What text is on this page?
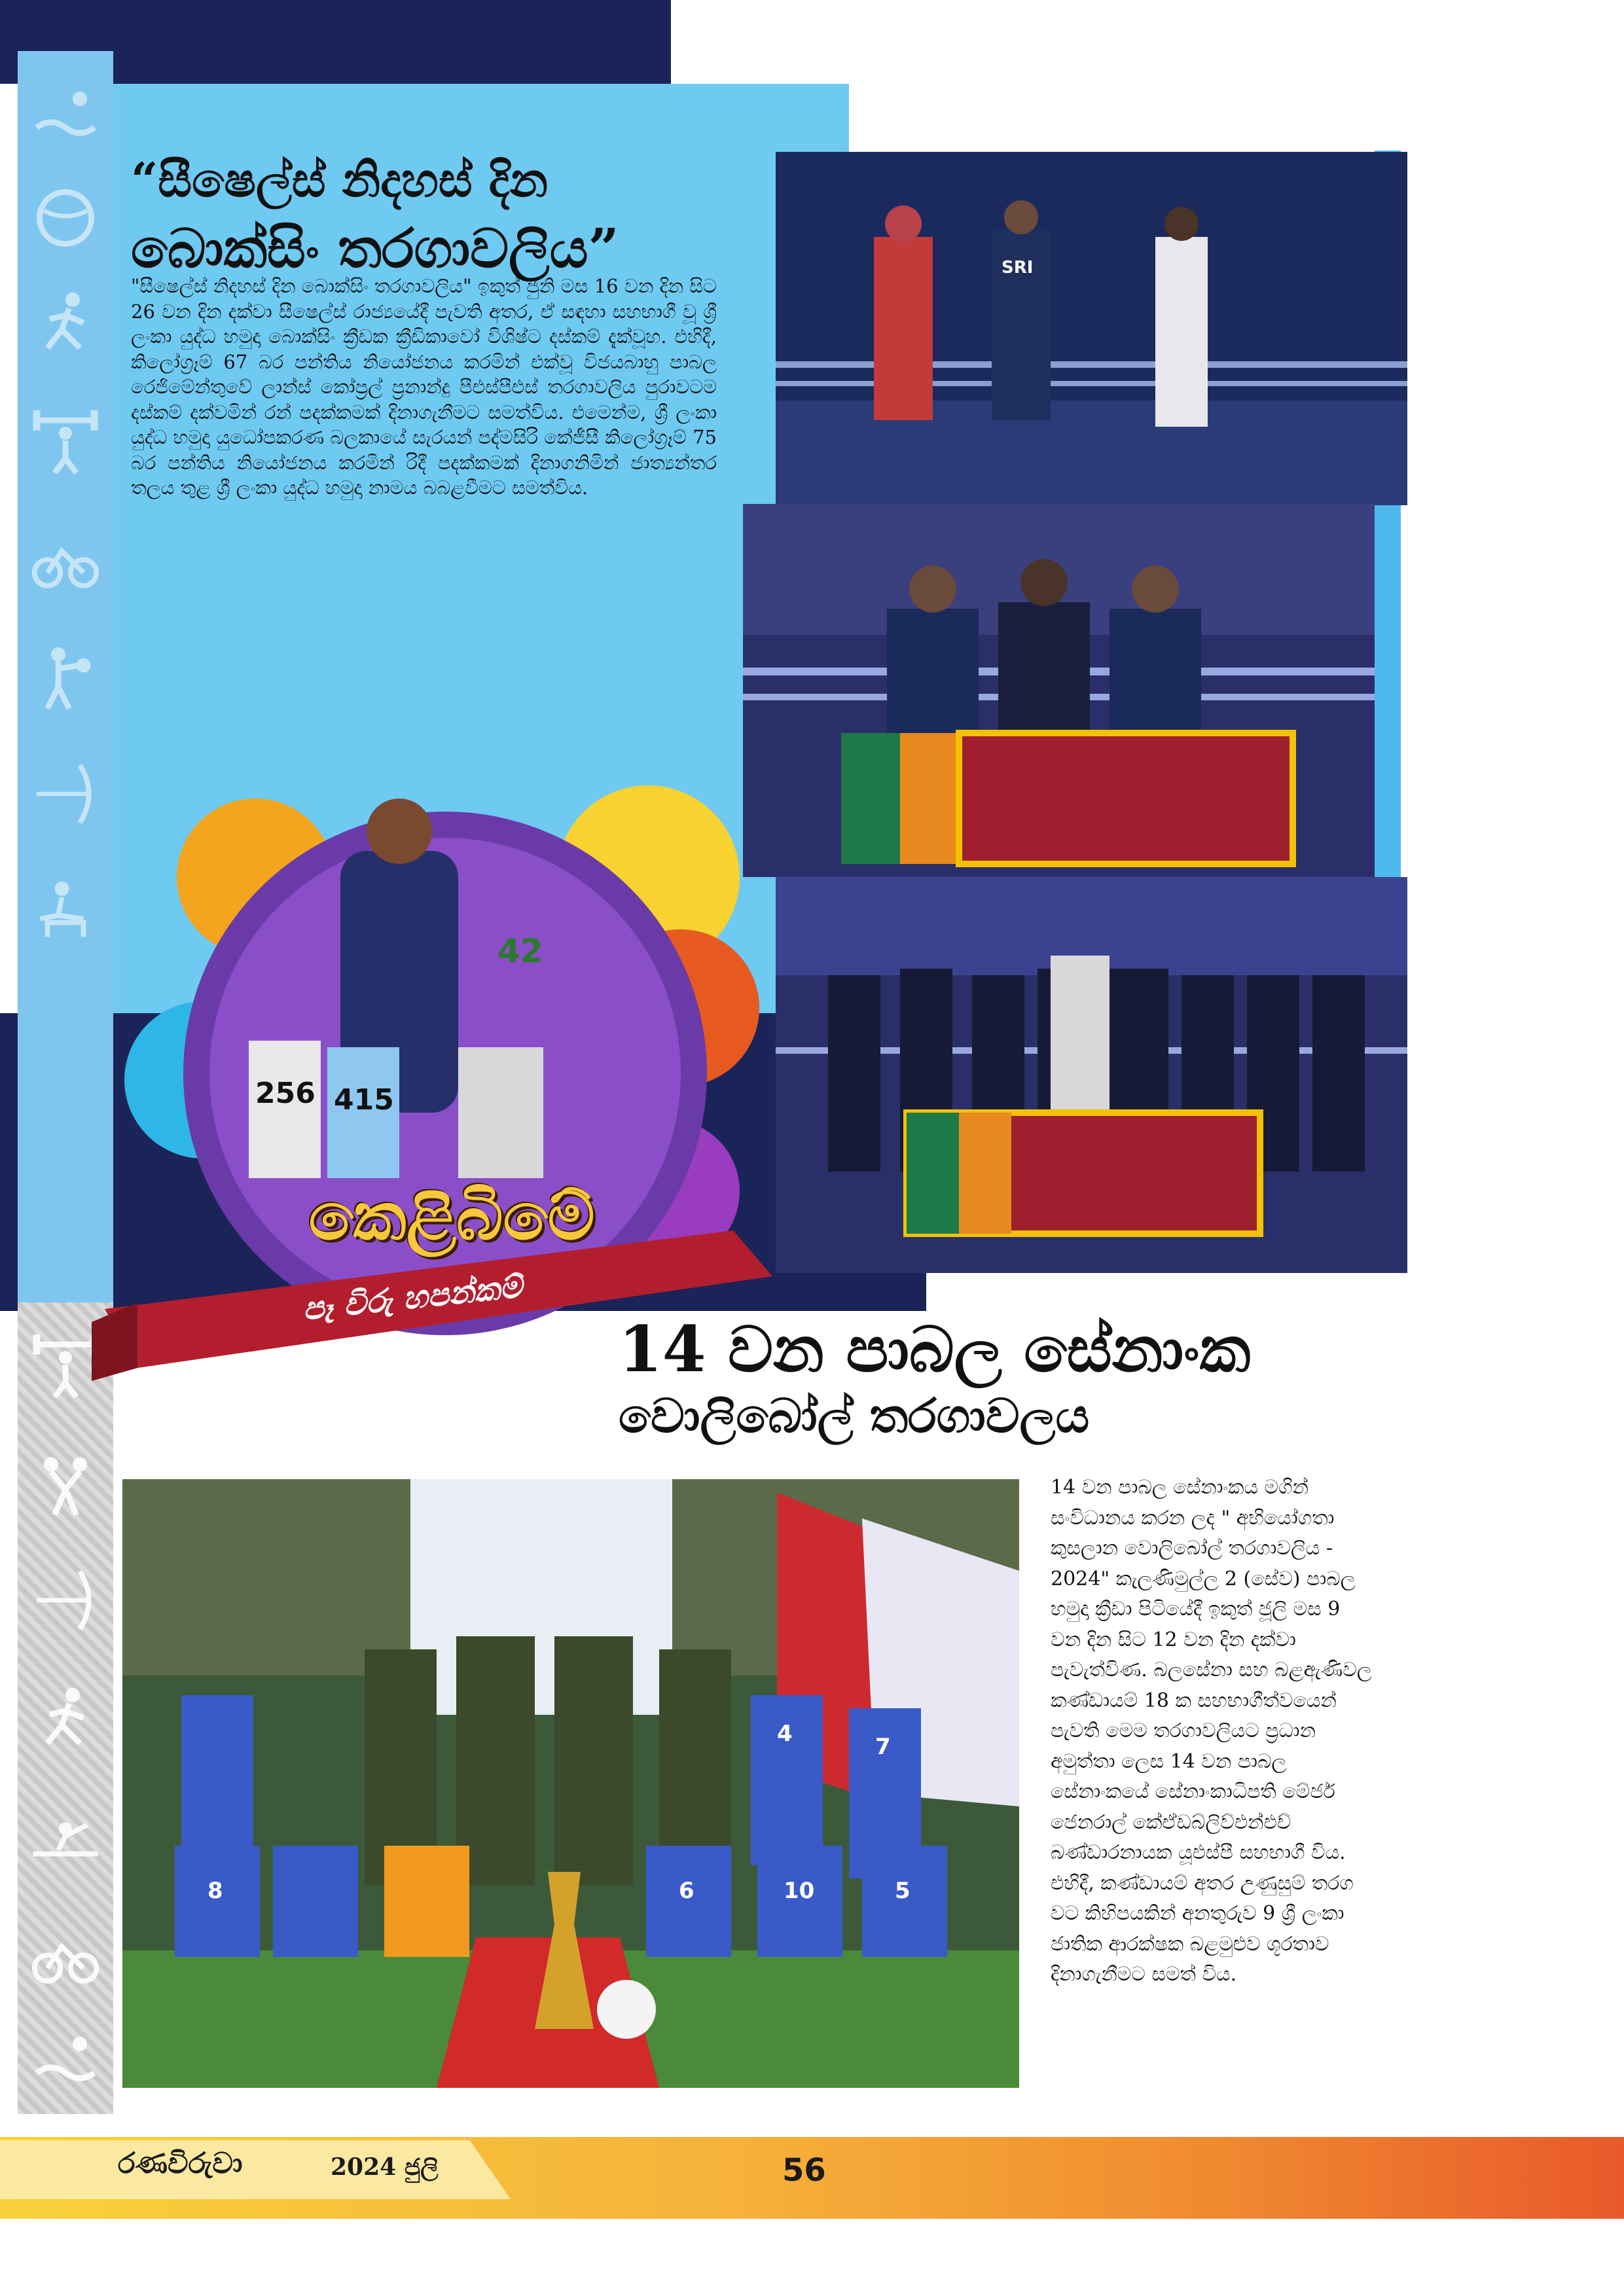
“සීෂෙල්ස් නිදහස් දින
බොක්සිං තරගාවලිය”
"සීෂෙල්ස් නිදහස් දින බොක්සිං තරගාවලිය" ඉකුත් ජුනි මස 16 වන දින සිට 26 වන දින දක්වා සීෂෙල්ස් රාජ්‍යයේදී පැවති අතර, ඒ සඳහා සහභාගී වූ ශ්‍රී ලංකා යුද්ධ හමුදා බොක්සිං ක්‍රීඩක ක්‍රීඩිකාවෝ විශිෂ්ට දස්කම් දැක්වූහ. එහිදී, කිලෝග්‍රෑම් 67 බර පන්තිය නියෝජනය කරමින් එක්වූ විජයබාහු පාබල රෙජිමේන්තුවේ ලාන්ස් කෝප්‍රල් ප්‍රනාන්දු පීඑස්පීඑස් තරගාවලිය පුරාවටම දස්කම් දක්වමින් රන් පදක්කමක් දිනාගැනීමට සමත්විය. එමෙන්ම, ශ්‍රී ලංකා යුද්ධ හමුදා යුධෝපකරණ බලකායේ සැරයන් පද්මසිරි කේජීසී කිලෝග්‍රෑම් 75 බර පන්තිය නියෝජනය කරමින් රිදී පදක්කමක් දිනාගනිමින් ජාත්‍යන්තර තලය තුළ ශ්‍රී ලංකා යුද්ධ හමුදා නාමය බබළවීමට සමත්විය.
SRI
256 415
42
කෙළිබිමේ
පෑ විරු හපන්කම්
14 වන පාබල සේනාංක
වොලිබෝල් තරගාවලය
4	7
8	6	10	5
14 වන පාබල සේනාංකය මගින් සංවිධානය කරන ලද " අභියෝගතා කුසලාන වොලිබෝල් තරගාවලිය - 2024" කැලණිමුල්ල 2 (සේව) පාබල හමුදා ක්‍රීඩා පිටියේදී ඉකුත් ජූලි මස 9 වන දින සිට 12 වන දින දක්වා පැවැත්විණ. බලසේනා සහ බළඇණිවල කණ්ඩායම් 18 ක සහභාගීත්වයෙන් පැවති මෙම තරගාවලියට ප්‍රධාන අමුත්තා ලෙස 14 වන පාබල සේනාංකයේ සේනාංකාධිපති මේජර් ජෙනරාල් කේඒඩබ්ලිව්එන්එච් බණ්ඩාරනායක යූඑස්පී සහභාගී විය. එහිදී, කණ්ඩායම් අතර උණුසුම් තරග වට කිහිපයකින් අනතුරුව 9 ශ්‍රී ලංකා ජාතික ආරක්ෂක බළමුළුව ශූරතාව දිනාගැනීමට සමත් විය.
රණවිරුවා	2024 ජුලි	56
